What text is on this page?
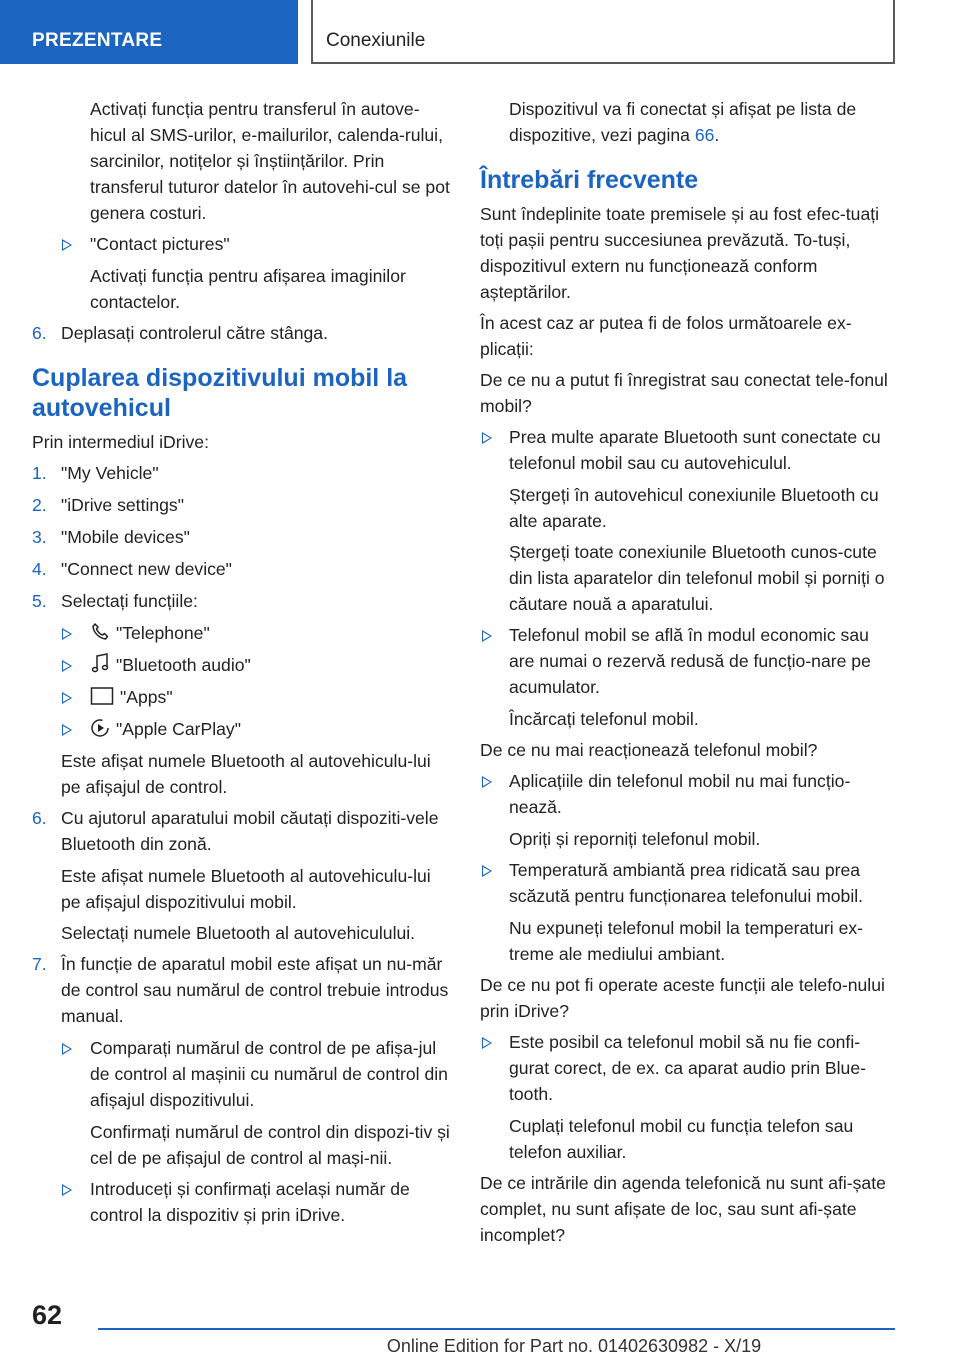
PREZENTARE	Conexiunile

Activați funcția pentru transferul în autove-hicul al SMS-urilor, e-mailurilor, calenda-rului, sarcinilor, notițelor și înștiințărilor. Prin transferul tuturor datelor în autovehi-cul se pot genera costuri.

"Contact pictures"

Activați funcția pentru afișarea imaginilor contactelor.

6. Deplasați controlerul către stânga.
Cuplarea dispozitivului mobil la autovehicul

Prin intermediul iDrive:

1. "My Vehicle"
2. "iDrive settings"
3. "Mobile devices"
4. "Connect new device"
5. Selectați funcțiile:
"Telephone"
"Bluetooth audio"
"Apps"
"Apple CarPlay"

Este afișat numele Bluetooth al autovehiculu-lui pe afișajul de control.

6. Cu ajutorul aparatului mobil căutați dispoziti-vele Bluetooth din zonă.

Este afișat numele Bluetooth al autovehiculu-lui pe afișajul dispozitivului mobil.

Selectați numele Bluetooth al autovehiculului.

7. În funcție de aparatul mobil este afișat un nu-măr de control sau numărul de control trebuie introdus manual.
Comparați numărul de control de pe afișa-jul de control al mașinii cu numărul de control din afișajul dispozitivului.

Confirmați numărul de control din dispozi-tiv și cel de pe afișajul de control al mași-nii.

Introduceți și confirmați același număr de control la dispozitiv și prin iDrive.

Dispozitivul va fi conectat și afișat pe lista de dispozitive, vezi pagina 66.

Întrebări frecvente

Sunt îndeplinite toate premisele și au fost efec-tuați toți pașii pentru succesiunea prevăzută. To-tuși, dispozitivul extern nu funcționează conform așteptărilor.

În acest caz ar putea fi de folos următoarele ex-plicații:

De ce nu a putut fi înregistrat sau conectat tele-fonul mobil?

Prea multe aparate Bluetooth sunt conectate cu telefonul mobil sau cu autovehiculul.

Ștergeți în autovehicul conexiunile Bluetooth cu alte aparate.

Ștergeți toate conexiunile Bluetooth cunos-cute din lista aparatelor din telefonul mobil și porniți o căutare nouă a aparatului.

Telefonul mobil se află în modul economic sau are numai o rezervă redusă de funcțio-nare pe acumulator.

Încărcați telefonul mobil.

De ce nu mai reacționează telefonul mobil?

Aplicațiile din telefonul mobil nu mai funcțio-nează.

Opriți și reporniți telefonul mobil.

Temperatură ambiantă prea ridicată sau prea scăzută pentru funcționarea telefonului mobil.

Nu expuneți telefonul mobil la temperaturi ex-treme ale mediului ambiant.

De ce nu pot fi operate aceste funcții ale telefo-nului prin iDrive?

Este posibil ca telefonul mobil să nu fie confi-gurat corect, de ex. ca aparat audio prin Blue-tooth.

Cuplați telefonul mobil cu funcția telefon sau telefon auxiliar.

De ce intrările din agenda telefonică nu sunt afi-șate complet, nu sunt afișate de loc, sau sunt afi-șate incomplet?

62
Online Edition for Part no. 01402630982 - X/19
